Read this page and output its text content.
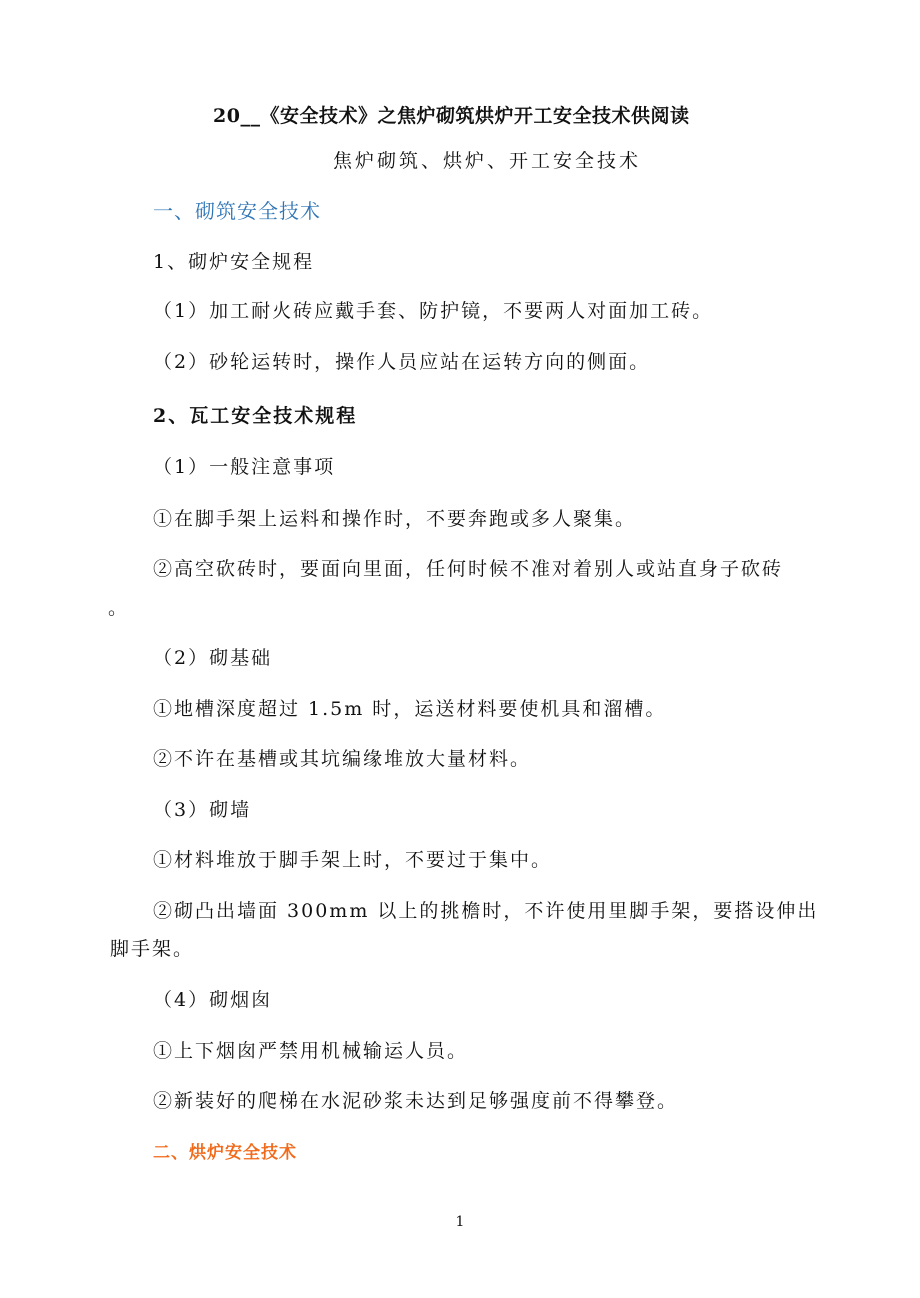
20__《安全技术》之焦炉砌筑烘炉开工安全技术供阅读
焦炉砌筑、烘炉、开工安全技术
一、砌筑安全技术
1、砌炉安全规程
（1）加工耐火砖应戴手套、防护镜，不要两人对面加工砖。
（2）砂轮运转时，操作人员应站在运转方向的侧面。
2、瓦工安全技术规程
（1）一般注意事项
①在脚手架上运料和操作时，不要奔跑或多人聚集。
②高空砍砖时，要面向里面，任何时候不准对着别人或站直身子砍砖
。
（2）砌基础
①地槽深度超过 1.5m 时，运送材料要使机具和溜槽。
②不许在基槽或其坑编缘堆放大量材料。
（3）砌墙
①材料堆放于脚手架上时，不要过于集中。
②砌凸出墙面 300mm 以上的挑檐时，不许使用里脚手架，要搭设伸出
脚手架。
（4）砌烟囱
①上下烟囱严禁用机械输运人员。
②新装好的爬梯在水泥砂浆未达到足够强度前不得攀登。
二、烘炉安全技术
1
